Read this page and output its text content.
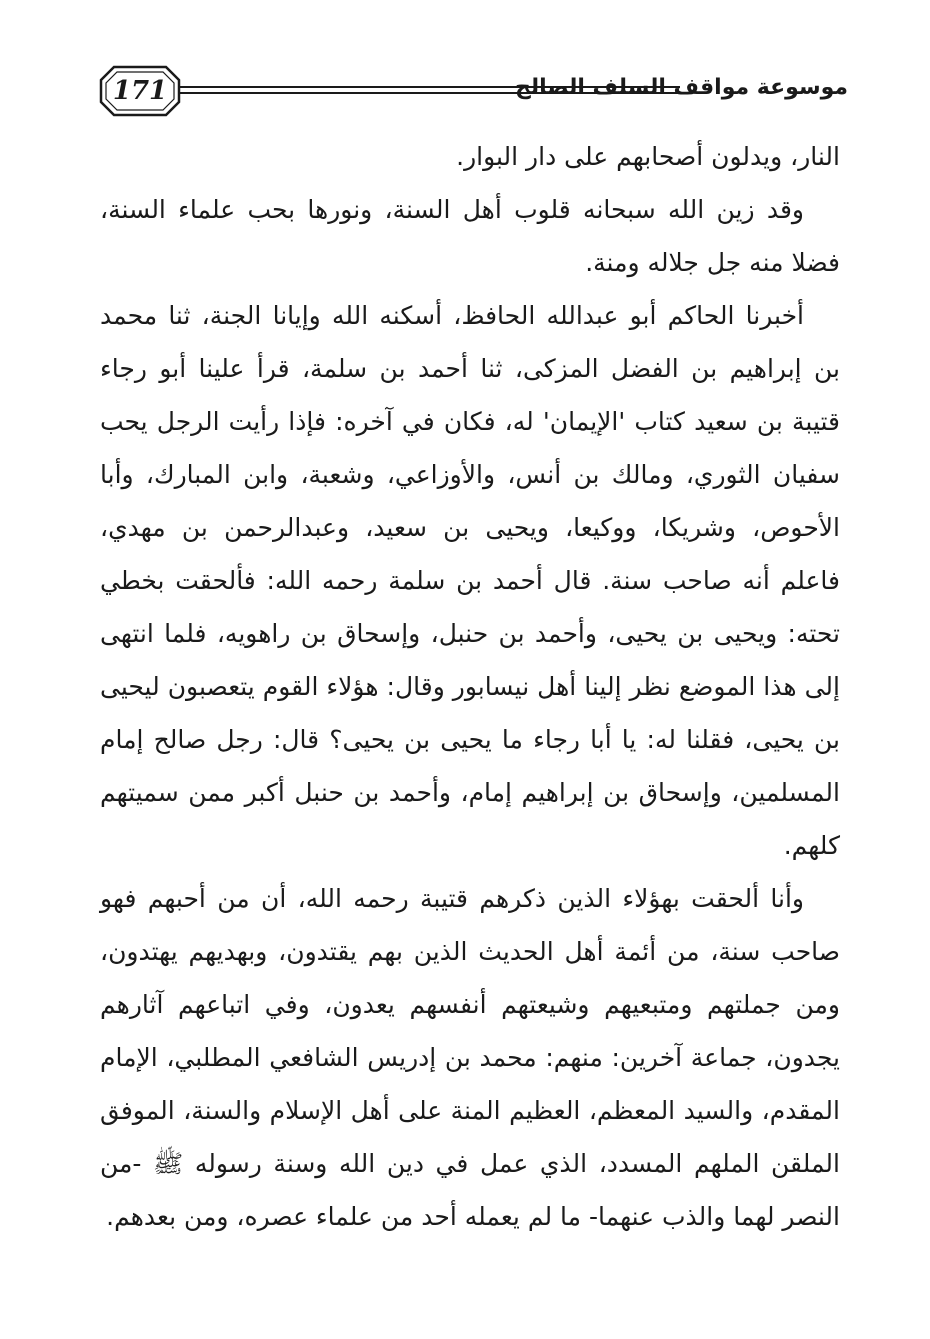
171	موسوعة مواقف السلف الصالح

النار، ويدلون أصحابهم على دار البوار.

وقد زين الله سبحانه قلوب أهل السنة، ونورها بحب علماء السنة، فضلا منه جل جلاله ومنة.

أخبرنا الحاكم أبو عبدالله الحافظ، أسكنه الله وإيانا الجنة، ثنا محمد بن إبراهيم بن الفضل المزكى، ثنا أحمد بن سلمة، قرأ علينا أبو رجاء قتيبة بن سعيد كتاب 'الإيمان' له، فكان في آخره: فإذا رأيت الرجل يحب سفيان الثوري، ومالك بن أنس، والأوزاعي، وشعبة، وابن المبارك، وأبا الأحوص، وشريكا، ووكيعا، ويحيى بن سعيد، وعبدالرحمن بن مهدي، فاعلم أنه صاحب سنة. قال أحمد بن سلمة رحمه الله: فألحقت بخطي تحته: ويحيى بن يحيى، وأحمد بن حنبل، وإسحاق بن راهويه، فلما انتهى إلى هذا الموضع نظر إلينا أهل نيسابور وقال: هؤلاء القوم يتعصبون ليحيى بن يحيى، فقلنا له: يا أبا رجاء ما يحيى بن يحيى؟ قال: رجل صالح إمام المسلمين، وإسحاق بن إبراهيم إمام، وأحمد بن حنبل أكبر ممن سميتهم كلهم.

وأنا ألحقت بهؤلاء الذين ذكرهم قتيبة رحمه الله، أن من أحبهم فهو صاحب سنة، من أئمة أهل الحديث الذين بهم يقتدون، وبهديهم يهتدون، ومن جملتهم ومتبعيهم وشيعتهم أنفسهم يعدون، وفي اتباعهم آثارهم يجدون، جماعة آخرين: منهم: محمد بن إدريس الشافعي المطلبي، الإمام المقدم، والسيد المعظم، العظيم المنة على أهل الإسلام والسنة، الموفق الملقن الملهم المسدد، الذي عمل في دين الله وسنة رسوله ﷺ -من النصر لهما والذب عنهما- ما لم يعمله أحد من علماء عصره، ومن بعدهم.
